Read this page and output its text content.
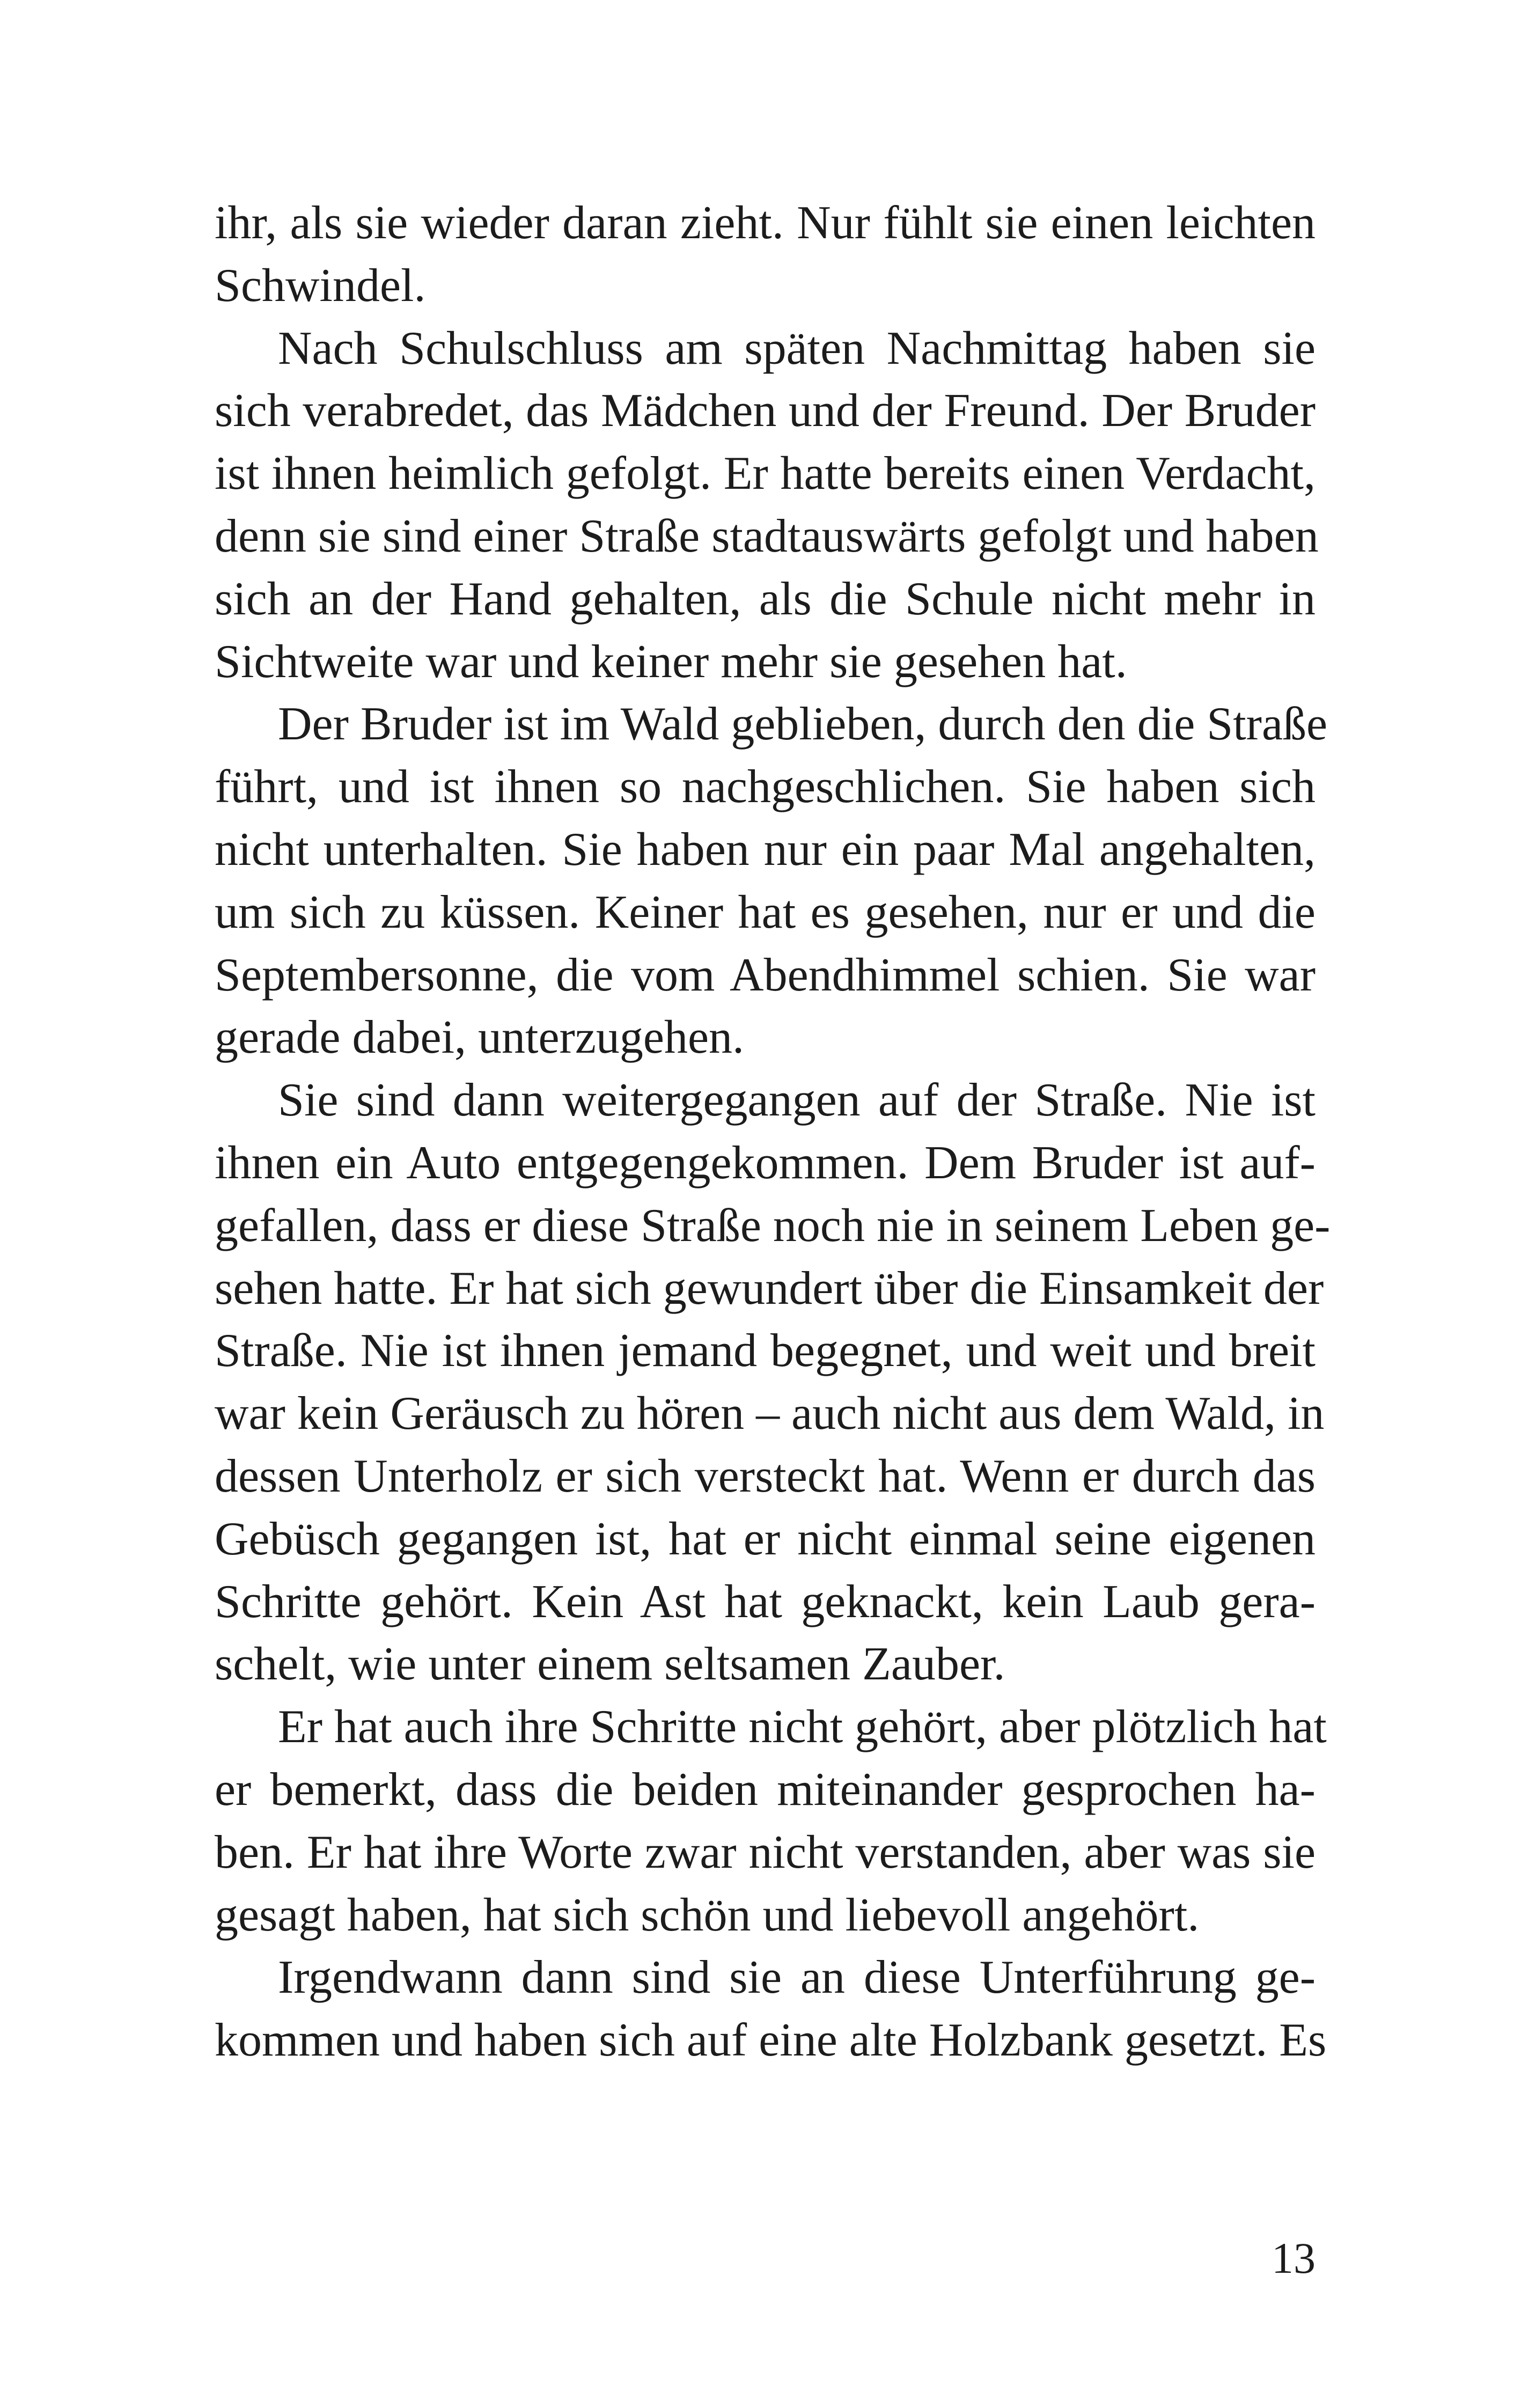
ihr, als sie wieder daran zieht. Nur fühlt sie einen leichten
Schwindel.
Nach Schulschluss am späten Nachmittag haben sie
sich verabredet, das Mädchen und der Freund. Der Bruder
ist ihnen heimlich gefolgt. Er hatte bereits einen Verdacht,
denn sie sind einer Straße stadtauswärts gefolgt und haben
sich an der Hand gehalten, als die Schule nicht mehr in
Sichtweite war und keiner mehr sie gesehen hat.
Der Bruder ist im Wald geblieben, durch den die Straße
führt, und ist ihnen so nachgeschlichen. Sie haben sich
nicht unterhalten. Sie haben nur ein paar Mal angehalten,
um sich zu küssen. Keiner hat es gesehen, nur er und die
Septembersonne, die vom Abendhimmel schien. Sie war
gerade dabei, unterzugehen.
Sie sind dann weitergegangen auf der Straße. Nie ist
ihnen ein Auto entgegengekommen. Dem Bruder ist auf-
gefallen, dass er diese Straße noch nie in seinem Leben ge-
sehen hatte. Er hat sich gewundert über die Einsamkeit der
Straße. Nie ist ihnen jemand begegnet, und weit und breit
war kein Geräusch zu hören – auch nicht aus dem Wald, in
dessen Unterholz er sich versteckt hat. Wenn er durch das
Gebüsch gegangen ist, hat er nicht einmal seine eigenen
Schritte gehört. Kein Ast hat geknackt, kein Laub gera-
schelt, wie unter einem seltsamen Zauber.
Er hat auch ihre Schritte nicht gehört, aber plötzlich hat
er bemerkt, dass die beiden miteinander gesprochen ha-
ben. Er hat ihre Worte zwar nicht verstanden, aber was sie
gesagt haben, hat sich schön und liebevoll angehört.
Irgendwann dann sind sie an diese Unterführung ge-
kommen und haben sich auf eine alte Holzbank gesetzt. Es
13
